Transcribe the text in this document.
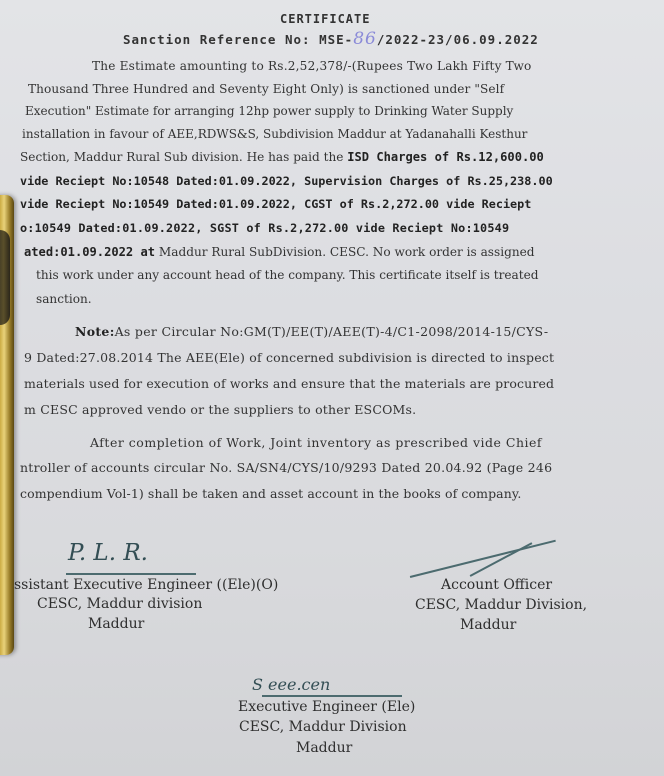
CERTIFICATE
Sanction Reference No: MSE-86/2022-23/06.09.2022
The Estimate amounting to Rs.2,52,378/-(Rupees Two Lakh Fifty Two
Thousand Three Hundred and Seventy Eight Only) is sanctioned under "Self
Execution" Estimate for arranging 12hp power supply to Drinking Water Supply
installation in favour of AEE,RDWS&S, Subdivision Maddur at Yadanahalli Kesthur
Section, Maddur Rural Sub division. He has paid the ISD Charges of Rs.12,600.00
vide Reciept No:10548 Dated:01.09.2022, Supervision Charges of Rs.25,238.00
vide Reciept No:10549 Dated:01.09.2022, CGST of Rs.2,272.00 vide Reciept
o:10549 Dated:01.09.2022, SGST of Rs.2,272.00 vide Reciept No:10549
ated:01.09.2022 at Maddur Rural SubDivision. CESC. No work order is assigned
this work under any account head of the company. This certificate itself is treated
sanction.
Note:As per Circular No:GM(T)/EE(T)/AEE(T)-4/C1-2098/2014-15/CYS-
9 Dated:27.08.2014 The AEE(Ele) of concerned subdivision is directed to inspect
materials used for execution of works and ensure that the materials are procured
m CESC approved vendo or the suppliers to other ESCOMs.
After completion of Work, Joint inventory as prescribed vide Chief
ntroller of accounts circular No. SA/SN4/CYS/10/9293 Dated 20.04.92 (Page 246
compendium Vol-1) shall be taken and asset account in the books of company.
P. L. R.
ssistant Executive Engineer ((Ele)(O)
CESC, Maddur division
Maddur
Account Officer
CESC, Maddur Division,
Maddur
S eee.cen
Executive Engineer (Ele)
CESC, Maddur Division
Maddur
